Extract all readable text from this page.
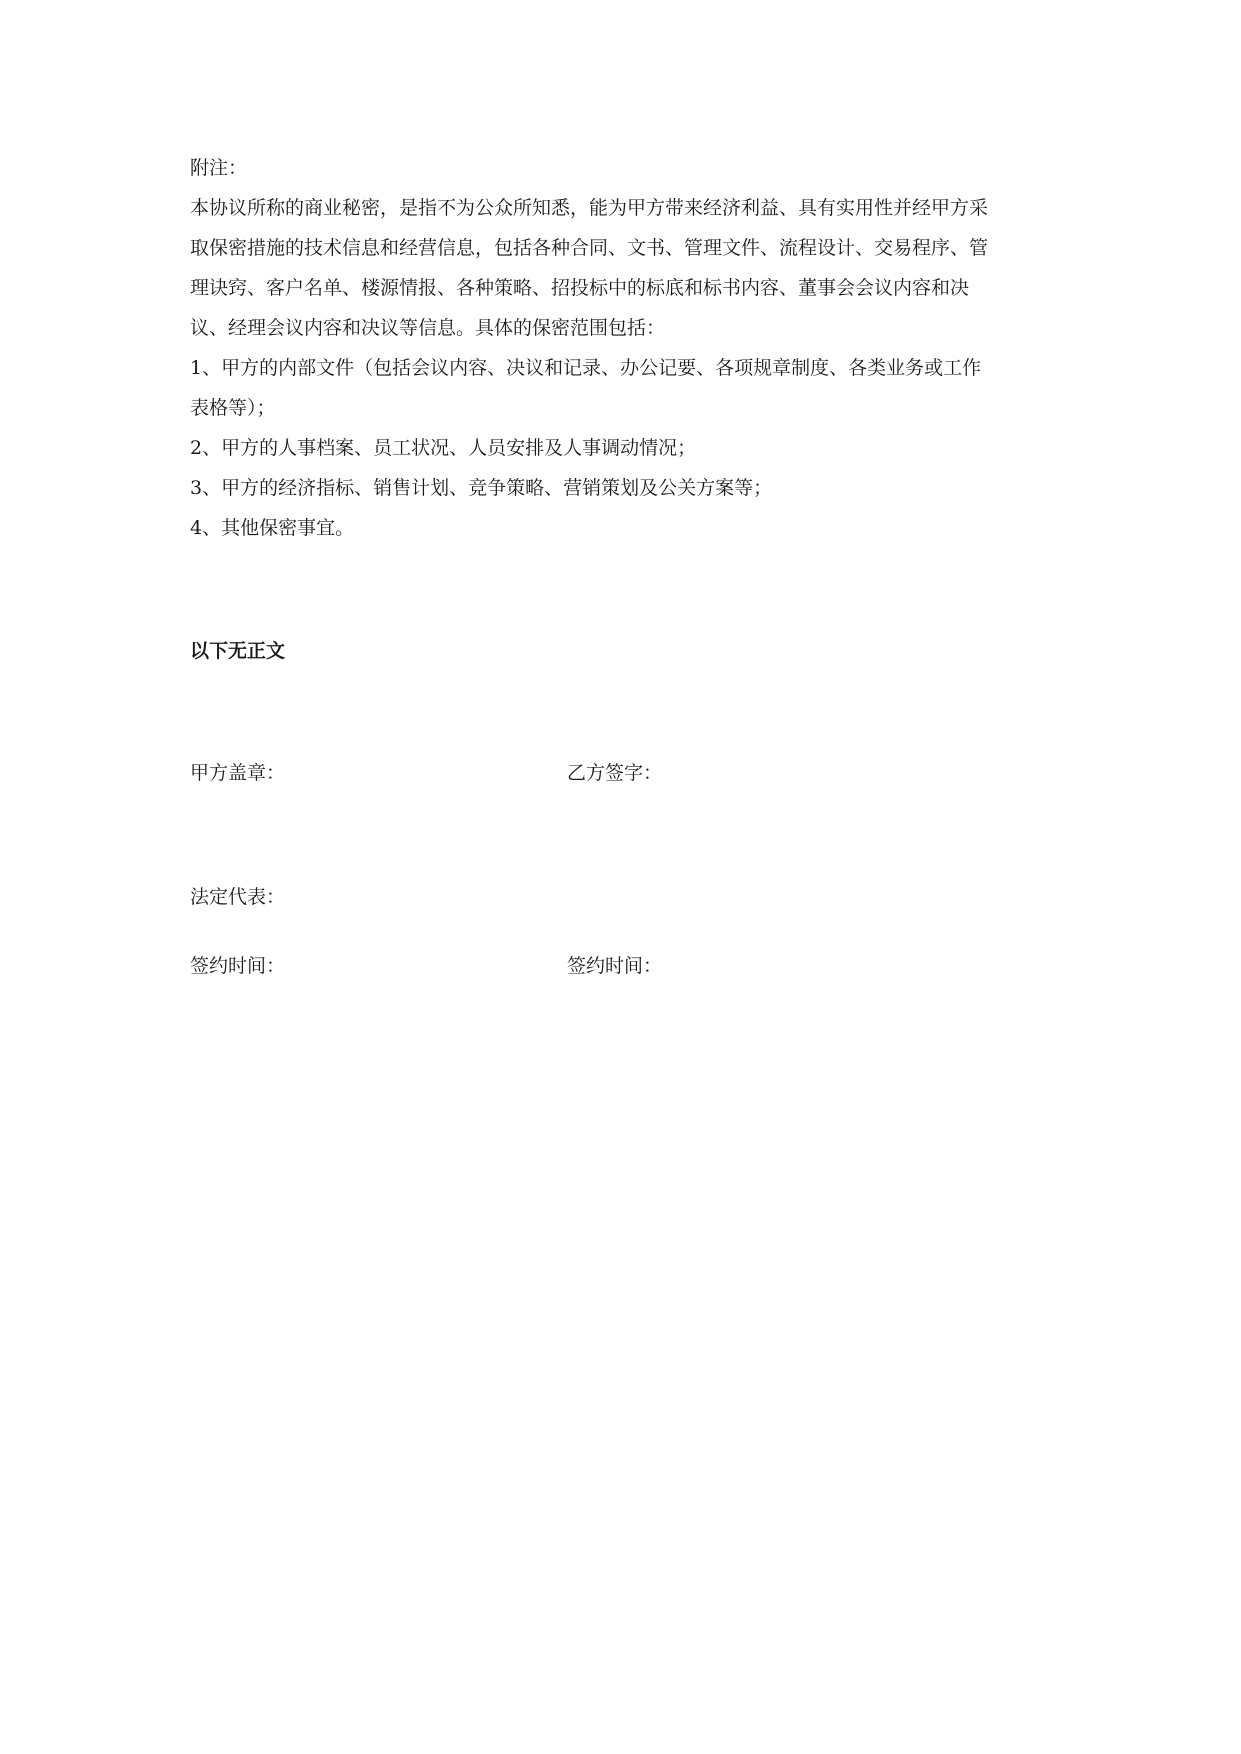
附注：
本协议所称的商业秘密，是指不为公众所知悉，能为甲方带来经济利益、具有实用性并经甲方采
取保密措施的技术信息和经营信息，包括各种合同、文书、管理文件、流程设计、交易程序、管
理诀窍、客户名单、楼源情报、各种策略、招投标中的标底和标书内容、董事会会议内容和决
议、经理会议内容和决议等信息。具体的保密范围包括：
1、甲方的内部文件（包括会议内容、决议和记录、办公记要、各项规章制度、各类业务或工作
表格等）；
2、甲方的人事档案、员工状况、人员安排及人事调动情况；
3、甲方的经济指标、销售计划、竞争策略、营销策划及公关方案等；
4、其他保密事宜。
以下无正文
甲方盖章：	乙方签字：
法定代表：
签约时间：	签约时间：
